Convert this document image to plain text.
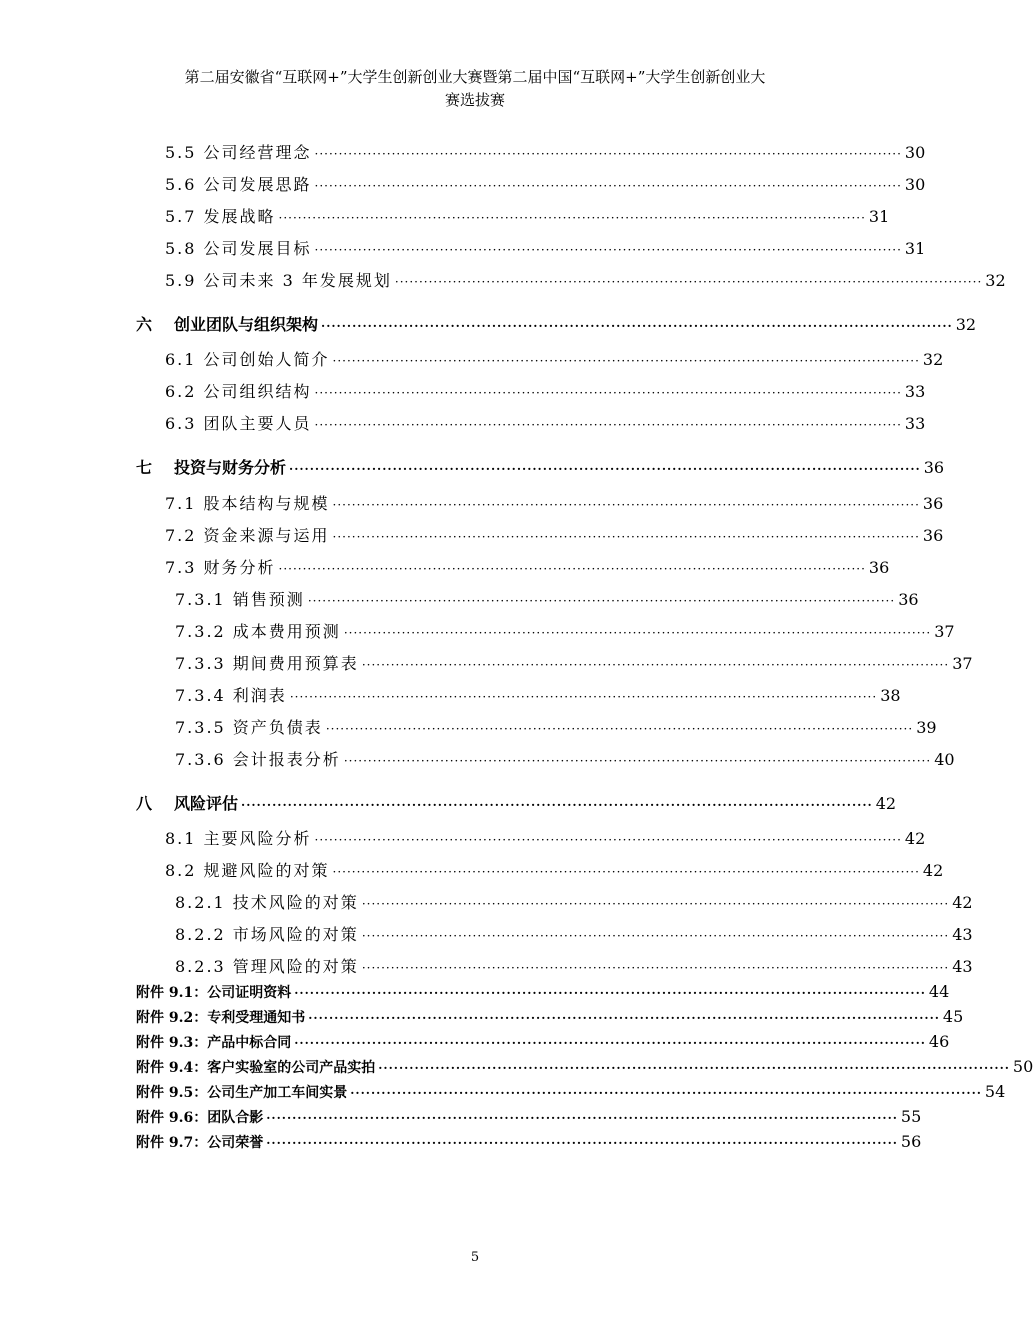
第二届安徽省“互联网+”大学生创新创业大赛暨第二届中国“互联网+”大学生创新创业大
赛选拔赛
5.5 公司经营理念 ·························································································································· 30
5.6 公司发展思路 ·························································································································· 30
5.7 发展战略 ·························································································································· 31
5.8 公司发展目标 ·························································································································· 31
5.9 公司未来 3 年发展规划 ·························································································································· 32
六 创业团队与组织架构 ·························································································································· 32
6.1 公司创始人简介 ·························································································································· 32
6.2 公司组织结构 ·························································································································· 33
6.3 团队主要人员 ·························································································································· 33
七 投资与财务分析 ·························································································································· 36
7.1 股本结构与规模 ·························································································································· 36
7.2 资金来源与运用 ·························································································································· 36
7.3 财务分析 ·························································································································· 36
7.3.1 销售预测 ·························································································································· 36
7.3.2 成本费用预测 ·························································································································· 37
7.3.3 期间费用预算表 ·························································································································· 37
7.3.4 利润表 ·························································································································· 38
7.3.5 资产负债表 ·························································································································· 39
7.3.6 会计报表分析 ·························································································································· 40
八 风险评估 ·························································································································· 42
8.1 主要风险分析 ·························································································································· 42
8.2 规避风险的对策 ·························································································································· 42
8.2.1 技术风险的对策 ·························································································································· 42
8.2.2 市场风险的对策 ·························································································································· 43
8.2.3 管理风险的对策 ·························································································································· 43
附件 9.1：公司证明资料 ·························································································································· 44
附件 9.2：专利受理通知书 ·························································································································· 45
附件 9.3：产品中标合同 ·························································································································· 46
附件 9.4：客户实验室的公司产品实拍 ·························································································································· 50
附件 9.5：公司生产加工车间实景 ·························································································································· 54
附件 9.6：团队合影 ·························································································································· 55
附件 9.7：公司荣誉 ·························································································································· 56
5
